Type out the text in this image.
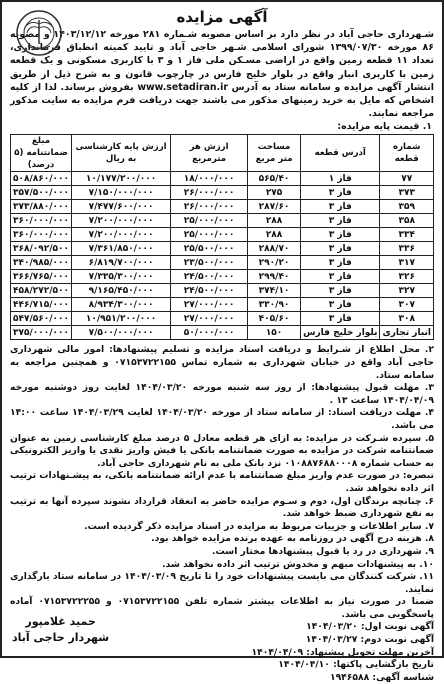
آگهی مزایده
شـهرداری حاجی آباد در نظر دارد بر اساس مصوبه شـماره ۲۸۱ مورخه ۱۴۰۳/۱۲/۱۲ و مصوبه ۸۶ مورخه ۱۳۹۹/۰۷/۳۰ شورای اسلامی شـهر حاجی آباد و تایید کمیته انطباق فرمانداری، تعداد ۱۱ قطعه زمین واقع در اراضی مسـکن ملی فاز ۱ و ۳ با کاربری مسکونی و یک قطعه زمین با کاربری انبار واقع در بلوار خلیج فارس در چارچوب قانون و به شرح ذیل از طریق انتشار آگهی مزایده و سامانه ستاد به آدرس www.setadiran.ir بفروش برساند. لذا از کلیه اشخاص که مایل به خرید زمینهای مذکور می باشند جهت دریافت فرم مزایده به سایت مذکور مراجعه نمایند.
۱. قیمت پایه مزایده:
شماره قطعه	آدرس قطعه	مساحت متر مربع	ارزش هر مترمربع	ارزش پایه کارشناسی به ریال	مبلغ ضمانتنامه (۵ درصد)
۷۷	فاز ۱	۵۶۵/۴۰	۱۸/۰۰۰/۰۰۰	۱۰/۱۷۷/۲۰۰/۰۰۰	۵۰۸/۸۶۰/۰۰۰
۳۷۳	فاز ۳	۲۷۵	۲۶/۰۰۰/۰۰۰	۷/۱۵۰/۰۰۰/۰۰۰	۳۵۷/۵۰۰/۰۰۰
۳۵۹	فاز ۳	۲۸۷/۶۰	۲۶/۰۰۰/۰۰۰	۷/۴۷۷/۶۰۰/۰۰۰	۳۷۳/۸۸۰/۰۰۰
۳۵۸	فاز ۳	۲۸۸	۲۵/۰۰۰/۰۰۰	۷/۲۰۰/۰۰۰/۰۰۰	۳۶۰/۰۰۰/۰۰۰
۳۳۴	فاز ۳	۲۸۸	۲۵/۰۰۰/۰۰۰	۷/۲۰۰/۰۰۰/۰۰۰	۳۶۰/۰۰۰/۰۰۰
۳۳۶	فاز ۳	۲۸۸/۷۰	۲۵/۵۰۰/۰۰۰	۷/۳۶۱/۸۵۰/۰۰۰	۳۶۸/۰۹۲/۵۰۰
۳۱۷	فاز ۳	۲۹۰/۲۰	۲۳/۵۰۰/۰۰۰	۶/۸۱۹/۷۰۰/۰۰۰	۳۴۰/۹۸۵/۰۰۰
۳۲۶	فاز ۳	۲۹۹/۴۰	۲۴/۵۰۰/۰۰۰	۷/۳۳۵/۳۰۰/۰۰۰	۳۶۶/۷۶۵/۰۰۰
۳۲۷	فاز ۳	۳۷۴/۱۰	۲۴/۵۰۰/۰۰۰	۹/۱۶۵/۴۵۰/۰۰۰	۴۵۸/۲۷۲/۵۰۰
۳۰۷	فاز ۳	۳۳۰/۹۰	۲۷/۰۰۰/۰۰۰	۸/۹۳۴/۳۰۰/۰۰۰	۴۴۶/۷۱۵/۰۰۰
۳۰۸	فاز ۳	۴۰۵/۶۰	۲۷/۰۰۰/۰۰۰	۱۰/۹۵۱/۲۰۰/۰۰۰	۵۴۷/۵۶۰/۰۰۰
انبار تجاری	بلوار خلیج فارس	۱۵۰	۵۰/۰۰۰/۰۰۰	۷/۵۰۰/۰۰۰/۰۰۰	۳۷۵/۰۰۰/۰۰۰

۲. محل اطلاع از شـرایط و دریافت اسناد مزایده و تسلیم پیشنهادها: امور مالی شهرداری حاجی آباد واقع در خیابان شهرداری به شماره تماس ۰۷۱۵۳۷۲۲۱۵۵ و همچنین مراجعه به سامانه ستاد.

۳. مهلت قبول پیشنهادها: از روز سه شنبه مورخه ۱۴۰۴/۰۳/۲۰ لغایت روز دوشنبه مورخه ۱۴۰۴/۰۴/۰۹ ساعت ۱۳ .

۴. مهلت دریافت اسناد: از سامانه ستاد از مورخه ۱۴۰۴/۰۳/۲۰ لغایت ۱۴۰۴/۰۳/۲۹ ساعت ۱۴:۰۰ می باشد.

۵. سپرده شـرکت در مزایده: به ازای هر قطعه معادل ۵ درصد مبلغ کارشناسی زمین به عنوان ضمانتنامه شرکت در مزایده به صورت ضمانتنامه بانکی یا فیش واریز نقدی یا واریز الکترونیکی به حساب شماره ۰۱۰۸۸۷۶۸۸۰۰۰۸ نزد بانک ملی به نام شهرداری حاجی آباد.

تبصره: در صورت عدم واریز مبلغ ضمانتنامه با عدم ارائه ضمانتنامه بانکی، به پیشـنهادات ترتیب اثر داده نخواهد شد.

۶. چنانچه برندگان اول، دوم و سـوم مزایده حاضر به انعقاد قرارداد نشوند سپرده آنها به ترتیب به نفع شهرداری ضبط خواهد شد.

۷. سایر اطلاعات و جزییات مربوط به مزایده در اسناد مزایده ذکر گردیده است.

۸. هزینه درج آگهی در روزنامه به عهده برنده مزایده خواهد بود.

۹. شهرداری در رد یا قبول پیشنهادها مختار است.

۱۰. به پیشنهادات مبهم و مخدوش ترتیب اثر داده نخواهد شد.

۱۱. شرکت کنندگان می بایست پیشنهادات خود را تا تاریخ ۱۴۰۴/۰۳/۰۹ در سامانه ستاد بارگذاری نمایند.

ضمنا در صورت نیاز به اطلاعات بیشتر شماره تلفن ۰۷۱۵۳۷۲۲۱۵۵ و ۰۷۱۵۳۷۲۲۲۵۵ آماده پاسخگویی می باشد.

آگهی نوبت اول: ۱۴۰۴/۰۳/۲۰

آگهی نوبت دوم: ۱۴۰۴/۰۳/۲۷

آخرین مهلت تحویل پیشنهاد: ۱۴۰۴/۰۴/۰۹

تاریخ بازگشایی پاکتها: ۱۴۰۴/۰۴/۱۰

شناسه آگهی: ۱۹۴۶۵۸۸

حمید غلامپور
شهردار حاجی آباد
